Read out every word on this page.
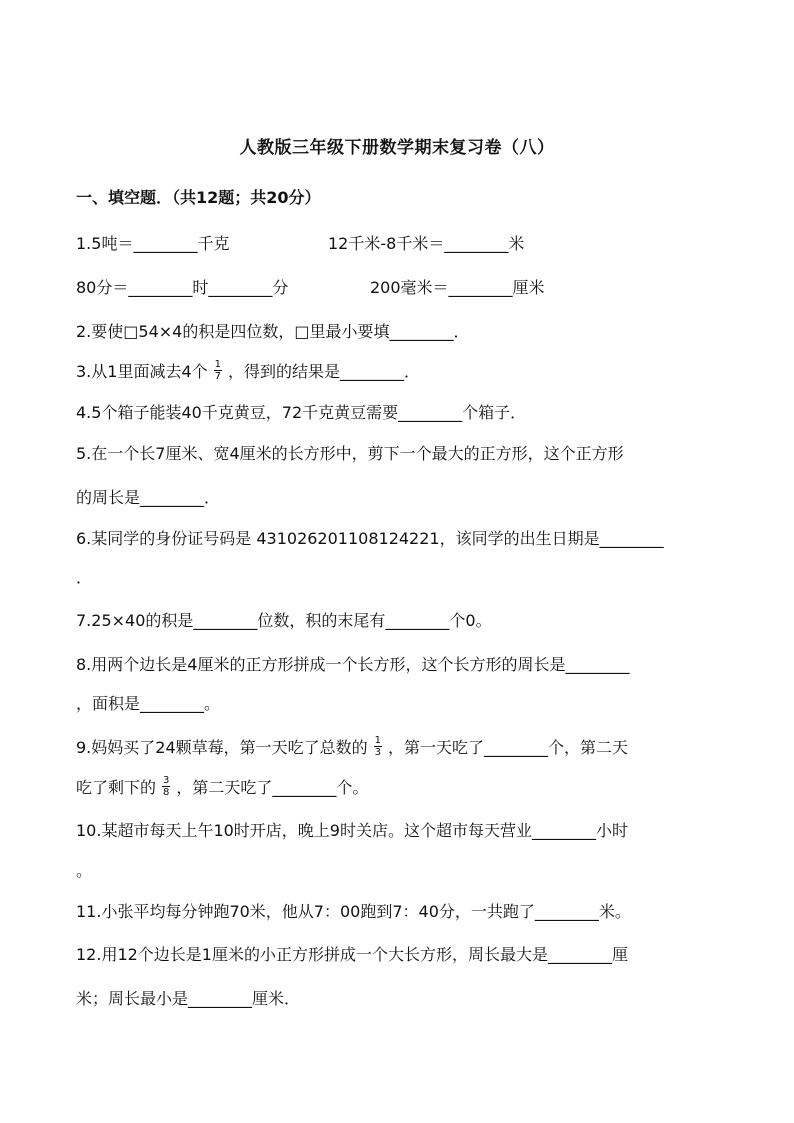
人教版三年级下册数学期末复习卷（八）
一、填空题．（共12题；共20分）
1.5吨＝________千克	12千米-8千米＝________米
80分＝________时________分	200毫米＝________厘米
2.要使□54×4的积是四位数，□里最小要填________．
3.从1里面减去4个 $\frac{1}{7}$ ，得到的结果是________．
4.5个箱子能装40千克黄豆，72千克黄豆需要________个箱子．
5.在一个长7厘米、宽4厘米的长方形中，剪下一个最大的正方形，这个正方形
的周长是________．
6.某同学的身份证号码是 431026201108124221，该同学的出生日期是________
．
7.25×40的积是________位数，积的末尾有________个0。
8.用两个边长是4厘米的正方形拼成一个长方形，这个长方形的周长是________
，面积是________。
9.妈妈买了24颗草莓，第一天吃了总数的 $\frac{1}{3}$ ，第一天吃了________个，第二天
吃了剩下的 $\frac{3}{8}$ ，第二天吃了________个。
10.某超市每天上午10时开店，晚上9时关店。这个超市每天营业________小时
。
11.小张平均每分钟跑70米，他从7：00跑到7：40分，一共跑了________米。
12.用12个边长是1厘米的小正方形拼成一个大长方形，周长最大是________厘
米；周长最小是________厘米．
